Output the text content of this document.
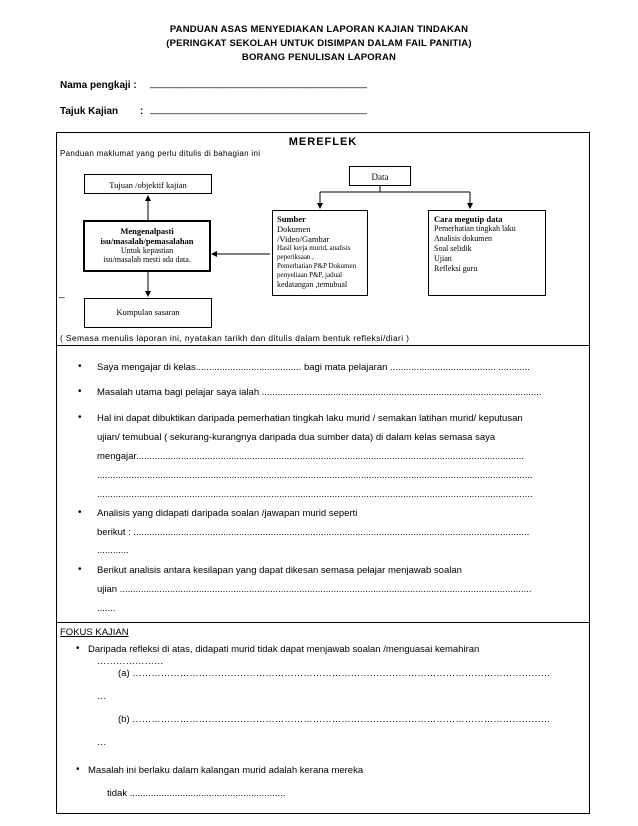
PANDUAN ASAS MENYEDIAKAN LAPORAN KAJIAN TINDAKAN
(PERINGKAT SEKOLAH UNTUK DISIMPAN DALAM FAIL PANITIA)
BORANG PENULISAN LAPORAN
Nama pengkaji : _______________________________________
Tajuk Kajian : _______________________________________
MEREFLEK
Panduan maklumat yang perlu ditulis di bahagian ini
Tujuan /objektif kajian
Mengenalpasti
isu/masalah/pemasalahan
Untuk kepastian
isu/masalah mesti ada data.
Kumpulan sasaran
Data
Sumber
Dokumen /Video/Gambar
Hasil kerja murid, analisis
peperiksaan ,
Pemerhatian P&P Dokumen
penyeliaan P&P, jadual
kedatangan ,temubual
Cara megutip data
Pemerhatian tingkah laku
Analisis dokumen
Soal selidik
Ujian
Refleksi guru
_
( Semasa menulis laporan ini, nyatakan tarikh dan ditulis dalam bentuk refleksi/diari )
• Saya mengajar di kelas........................................ bagi mata pelajaran ........................................ ............
• Masalah utama bagi pelajar saya ialah ..........................................................................................................
• Hal ini dapat dibuktikan daripada pemerhatian tingkah laku murid / semakan latihan murid/ keputusan
ujian/ temubual ( sekurang-kurangnya daripada dua sumber data) di dalam kelas semasa saya
mengajar...................................................................................................................................................
.....................................................................................................................................................................
.....................................................................................................................................................................
• Analisis yang didapati daripada soalan /jawapan murid seperti
berikut : ......................................................................................................................................................
............
• Berikut analisis antara kesilapan yang dapat dikesan semasa pelajar menjawab soalan
ujian ............................................................................................................................................................
.......
FOKUS KAJIAN
• Daripada refleksi di atas, didapati murid tidak dapat menjawab soalan /menguasai kemahiran
…………………
(a) ……………………………………………………………………………………………………………………
…
(b) ……………………………………………………………………………………………………………………
…
• Masalah ini berlaku dalam kalangan murid adalah kerana mereka
tidak ...........................................................
